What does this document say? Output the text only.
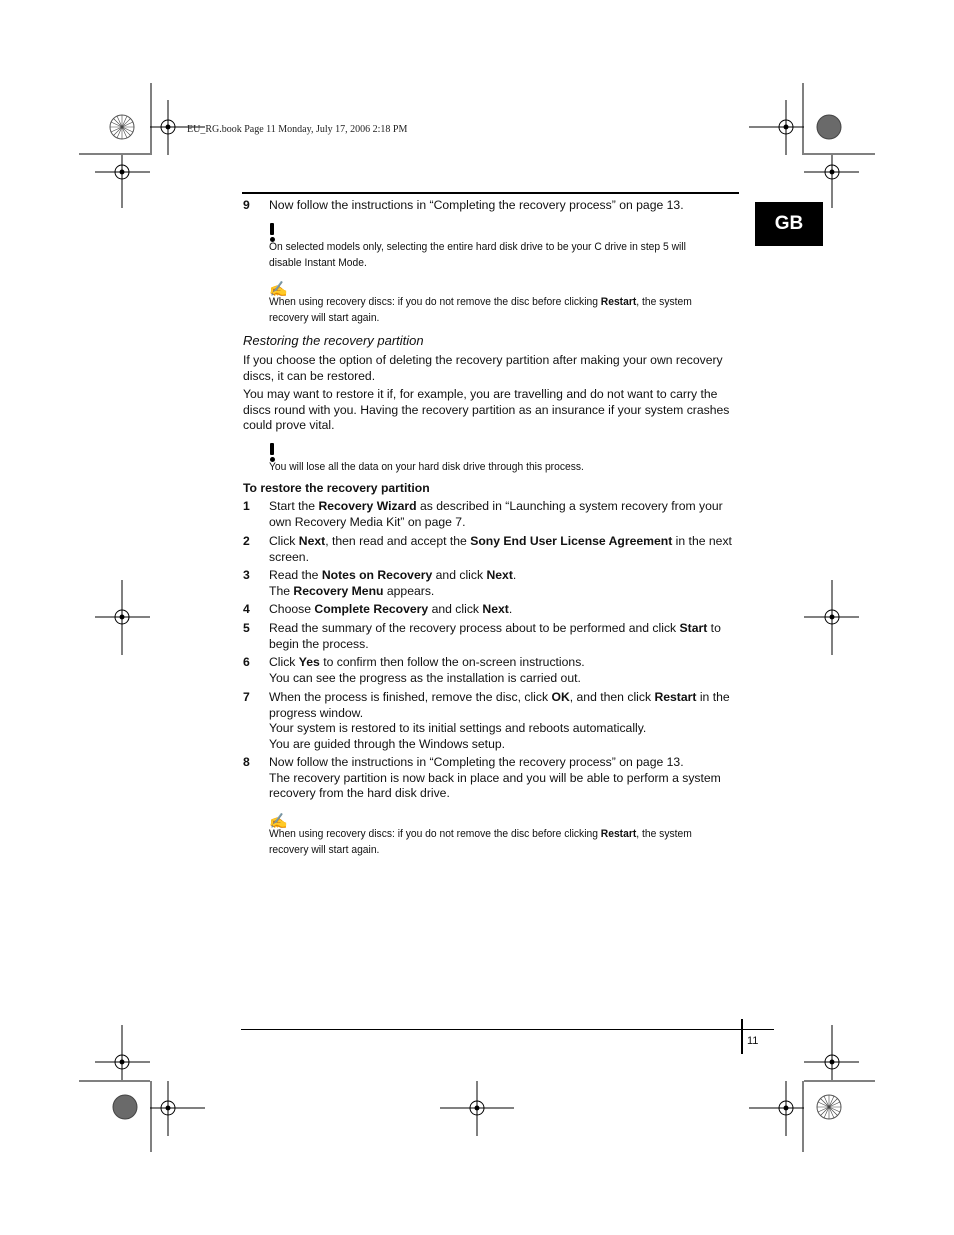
EU_RG.book Page 11 Monday, July 17, 2006 2:18 PM
GB
9 Now follow the instructions in “Completing the recovery process” on page 13.
On selected models only, selecting the entire hard disk drive to be your C drive in step 5 will disable Instant Mode.
✍
When using recovery discs: if you do not remove the disc before clicking Restart, the system recovery will start again.
Restoring the recovery partition
If you choose the option of deleting the recovery partition after making your own recovery discs, it can be restored.
You may want to restore it if, for example, you are travelling and do not want to carry the discs round with you. Having the recovery partition as an insurance if your system crashes could prove vital.
You will lose all the data on your hard disk drive through this process.
To restore the recovery partition
1 Start the Recovery Wizard as described in “Launching a system recovery from your own Recovery Media Kit” on page 7.
2 Click Next, then read and accept the Sony End User License Agreement in the next screen.
3 Read the Notes on Recovery and click Next.
The Recovery Menu appears.
4 Choose Complete Recovery and click Next.
5 Read the summary of the recovery process about to be performed and click Start to begin the process.
6 Click Yes to confirm then follow the on-screen instructions.
You can see the progress as the installation is carried out.
7 When the process is finished, remove the disc, click OK, and then click Restart in the progress window.
Your system is restored to its initial settings and reboots automatically.
You are guided through the Windows setup.
8 Now follow the instructions in “Completing the recovery process” on page 13.
The recovery partition is now back in place and you will be able to perform a system recovery from the hard disk drive.
✍
When using recovery discs: if you do not remove the disc before clicking Restart, the system recovery will start again.
11
